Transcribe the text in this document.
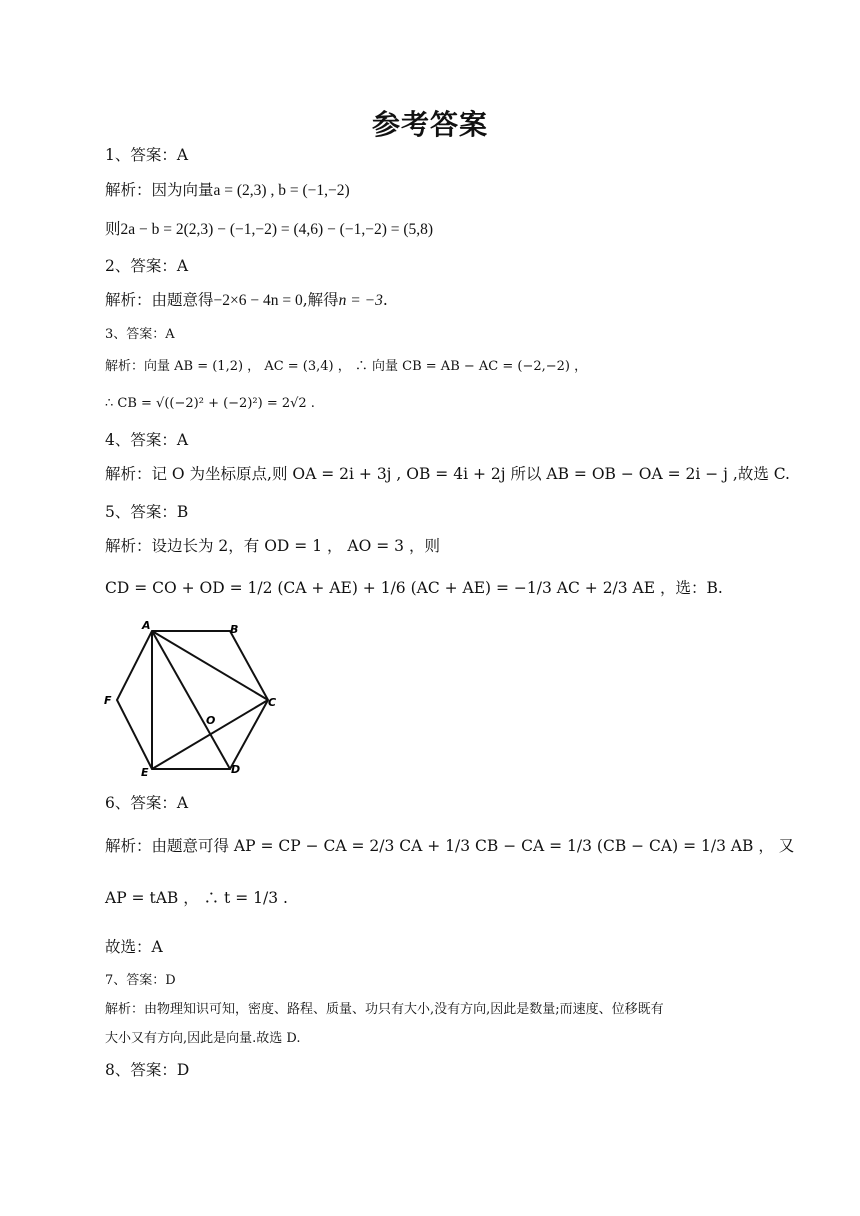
参考答案
1、答案：A
解析：因为向量a = (2,3) , b = (−1,−2)
则2a − b = 2(2,3) − (−1,−2) = (4,6) − (−1,−2) = (5,8)
2、答案：A
解析：由题意得−2×6 − 4n = 0,解得n = −3.
3、答案：A
解析：向量 AB = (1,2) ， AC = (3,4) ， ∴ 向量 CB = AB − AC = (−2,−2) ，
∴ CB = √((−2)² + (−2)²) = 2√2 .
4、答案：A
解析：记 O 为坐标原点,则 OA = 2i + 3j , OB = 4i + 2j 所以 AB = OB − OA = 2i − j ,故选 C.
5、答案：B
解析：设边长为 2，有 OD = 1 ， AO = 3 ，则
CD = CO + OD = 1/2 (CA + AE) + 1/6 (AC + AE) = −1/3 AC + 2/3 AE ，选：B.
A	B
C
D
E
F
O
6、答案：A
解析：由题意可得 AP = CP − CA = 2/3 CA + 1/3 CB − CA = 1/3 (CB − CA) = 1/3 AB ， 又
AP = tAB ， ∴ t = 1/3 .
故选：A
7、答案：D
解析：由物理知识可知，密度、路程、质量、功只有大小,没有方向,因此是数量;而速度、位移既有
大小又有方向,因此是向量.故选 D.
8、答案：D
